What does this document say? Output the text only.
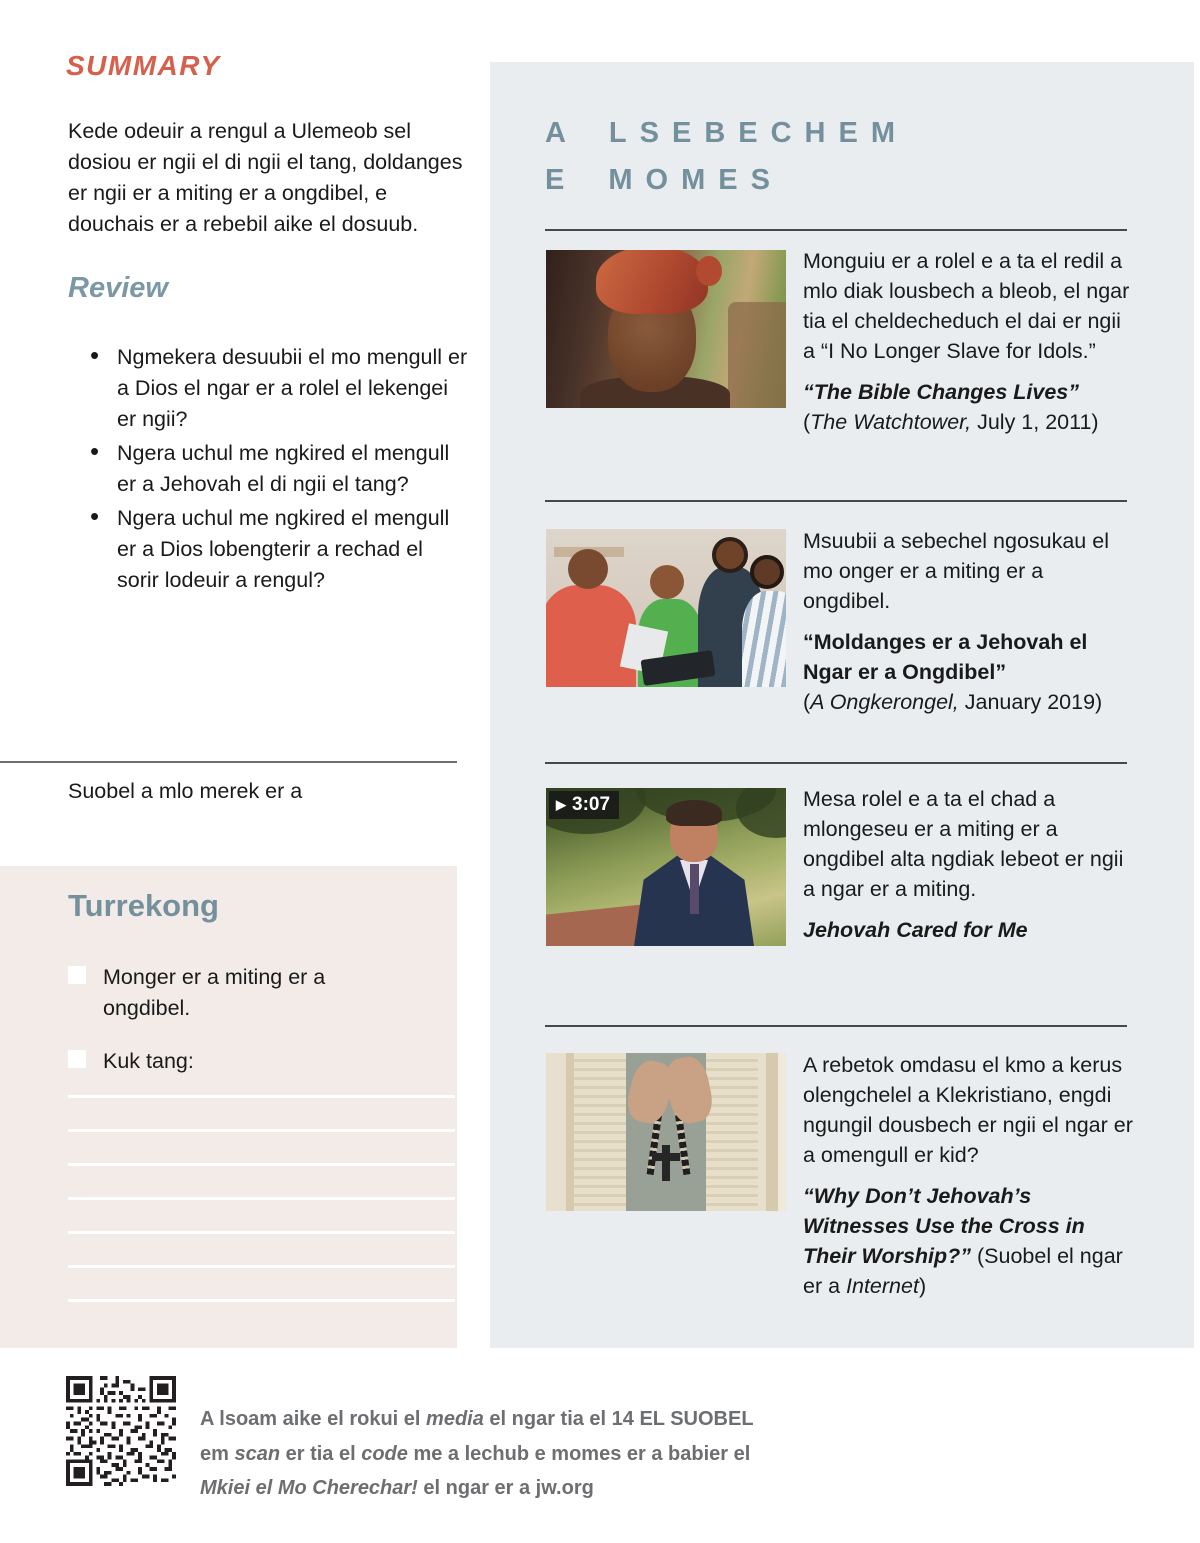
SUMMARY

Kede odeuir a rengul a Ulemeob sel dosiou er ngii el di ngii el tang, doldanges er ngii er a miting er a ongdibel, e douchais er a rebebil aike el dosuub.

Review
• Ngmekera desuubii el mo mengull er a Dios el ngar er a rolel el lekengei er ngii?
• Ngera uchul me ngkired el mengull er a Jehovah el di ngii el tang?
• Ngera uchul me ngkired el mengull er a Dios lobengterir a rechad el sorir lodeuir a rengul?

Suobel a mlo merek er a

Turrekong
Monger er a miting er a ongdibel.
Kuk tang:
A LSEBECHEM
E MOMES

Monguiu er a rolel e a ta el redil a mlo diak lousbech a bleob, el ngar tia el cheldecheduch el dai er ngii a “I No Longer Slave for Idols.”

“The Bible Changes Lives”
(The Watchtower, July 1, 2011)

Msuubii a sebechel ngosukau el mo onger er a miting er a ongdibel.

“Moldanges er a Jehovah el Ngar er a Ongdibel”
(A Ongkerongel, January 2019)

▶ 3:07	Mesa rolel e a ta el chad a mlongeseu er a miting er a ongdibel alta ngdiak lebeot er ngii a ngar er a miting.

Jehovah Cared for Me

A rebetok omdasu el kmo a kerus olengchelel a Klekristiano, engdi ngungil dousbech er ngii el ngar er a omengull er kid?

“Why Don’t Jehovah’s Witnesses Use the Cross in Their Worship?” (Suobel el ngar er a Internet)

A lsoam aike el rokui el media el ngar tia el 14 EL SUOBEL em scan er tia el code me a lechub e momes er a babier el Mkiei el Mo Cherechar! el ngar er a jw.org
